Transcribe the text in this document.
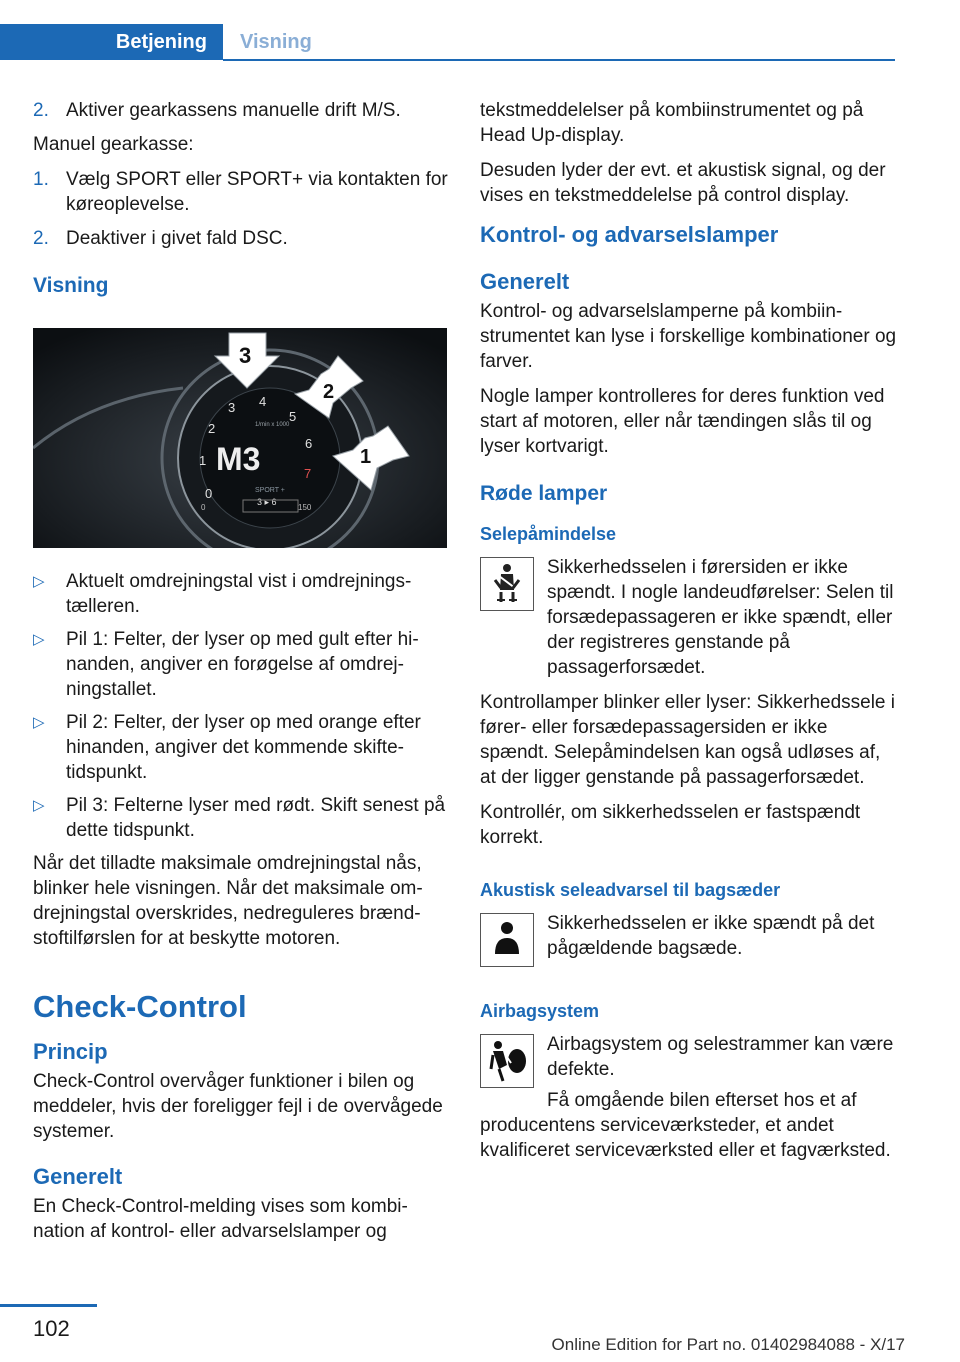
Betjening	Visning
2. Aktiver gearkassens manuelle drift M/S.

Manuel gearkasse:

1. Vælg SPORT eller SPORT+ via kontakten for køreoplevelse.
2. Deaktiver i givet fald DSC.
Visning
0
1
2
3 4
5
6
7
1/min x 1000
M3
SPORT +
3 ▸ 6
0	150
3
2
1
▷ Aktuelt omdrejningstal vist i omdrejningstælleren.
▷ Pil 1: Felter, der lyser op med gult efter hinanden, angiver en forøgelse af omdrejningstallet.
▷ Pil 2: Felter, der lyser op med orange efter hinanden, angiver det kommende skiftetidspunkt.
▷ Pil 3: Felterne lyser med rødt. Skift senest på dette tidspunkt.

Når det tilladte maksimale omdrejningstal nås, blinker hele visningen. Når det maksimale omdrejningstal overskrides, nedreguleres brændstoftilførslen for at beskytte motoren.

Check-Control
Princip

Check-Control overvåger funktioner i bilen og meddeler, hvis der foreligger fejl i de overvågede systemer.

Generelt

En Check-Control-melding vises som kombination af kontrol- eller advarselslamper og

tekstmeddelelser på kombiinstrumentet og på Head Up-display.

Desuden lyder der evt. et akustisk signal, og der vises en tekstmeddelelse på control display.

Kontrol- og advarselslamper
Generelt

Kontrol- og advarselslamperne på kombiinstrumentet kan lyse i forskellige kombinationer og farver.

Nogle lamper kontrolleres for deres funktion ved start af motoren, eller når tændingen slås til og lyser kortvarigt.

Røde lamper
Selepåmindelse

Sikkerhedsselen i førersiden er ikke spændt. I nogle landeudførelser: Selen til forsædepassageren er ikke spændt, eller der registreres genstande på passagerforsædet.

Kontrollamper blinker eller lyser: Sikkerhedssele i fører- eller forsædepassagersiden er ikke spændt. Selepåmindelsen kan også udløses af, at der ligger genstande på passagerforsædet.

Kontrollér, om sikkerhedsselen er fastspændt korrekt.

Akustisk seleadvarsel til bagsæder

Sikkerhedsselen er ikke spændt på det pågældende bagsæde.

Airbagsystem

Airbagsystem og selestrammer kan være defekte.

Få omgående bilen efterset hos et af producentens serviceværksteder, et andet kvalificeret serviceværksted eller et fagværksted.

102
Online Edition for Part no. 01402984088 - X/17
